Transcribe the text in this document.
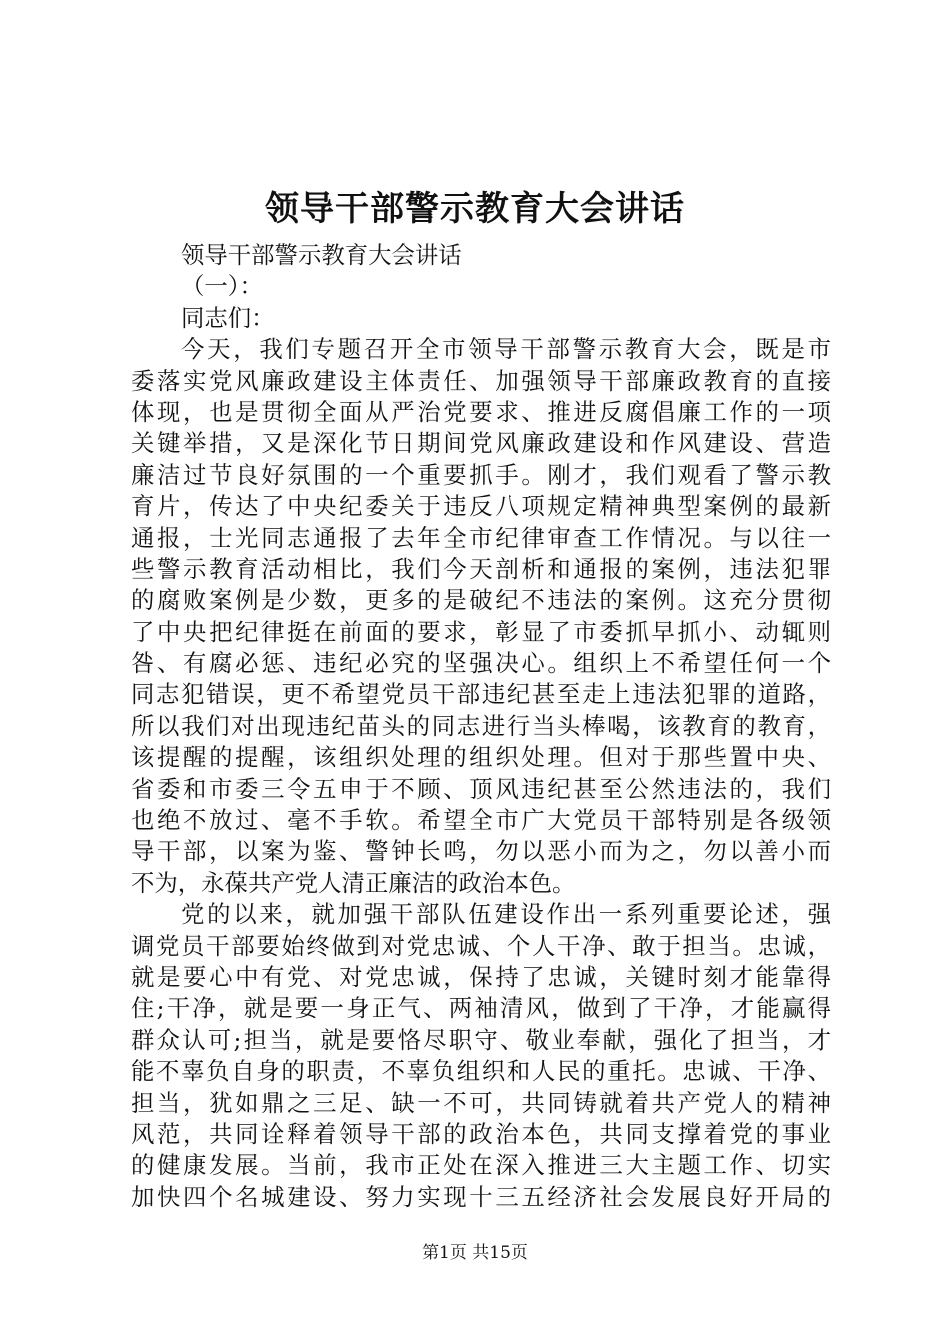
领导干部警示教育大会讲话
领导干部警示教育大会讲话
（一）：
同志们：
今天，我们专题召开全市领导干部警示教育大会，既是市
委落实党风廉政建设主体责任、加强领导干部廉政教育的直接
体现，也是贯彻全面从严治党要求、推进反腐倡廉工作的一项
关键举措，又是深化节日期间党风廉政建设和作风建设、营造
廉洁过节良好氛围的一个重要抓手。刚才，我们观看了警示教
育片，传达了中央纪委关于违反八项规定精神典型案例的最新
通报，士光同志通报了去年全市纪律审查工作情况。与以往一
些警示教育活动相比，我们今天剖析和通报的案例，违法犯罪
的腐败案例是少数，更多的是破纪不违法的案例。这充分贯彻
了中央把纪律挺在前面的要求，彰显了市委抓早抓小、动辄则
咎、有腐必惩、违纪必究的坚强决心。组织上不希望任何一个
同志犯错误，更不希望党员干部违纪甚至走上违法犯罪的道路，
所以我们对出现违纪苗头的同志进行当头棒喝，该教育的教育，
该提醒的提醒，该组织处理的组织处理。但对于那些置中央、
省委和市委三令五申于不顾、顶风违纪甚至公然违法的，我们
也绝不放过、毫不手软。希望全市广大党员干部特别是各级领
导干部，以案为鉴、警钟长鸣，勿以恶小而为之，勿以善小而
不为，永葆共产党人清正廉洁的政治本色。
党的以来，就加强干部队伍建设作出一系列重要论述，强
调党员干部要始终做到对党忠诚、个人干净、敢于担当。忠诚，
就是要心中有党、对党忠诚，保持了忠诚，关键时刻才能靠得
住;干净，就是要一身正气、两袖清风，做到了干净，才能赢得
群众认可;担当，就是要恪尽职守、敬业奉献，强化了担当，才
能不辜负自身的职责，不辜负组织和人民的重托。忠诚、干净、
担当，犹如鼎之三足、缺一不可，共同铸就着共产党人的精神
风范，共同诠释着领导干部的政治本色，共同支撑着党的事业
的健康发展。当前，我市正处在深入推进三大主题工作、切实
加快四个名城建设、努力实现十三五经济社会发展良好开局的
第1页 共15页
